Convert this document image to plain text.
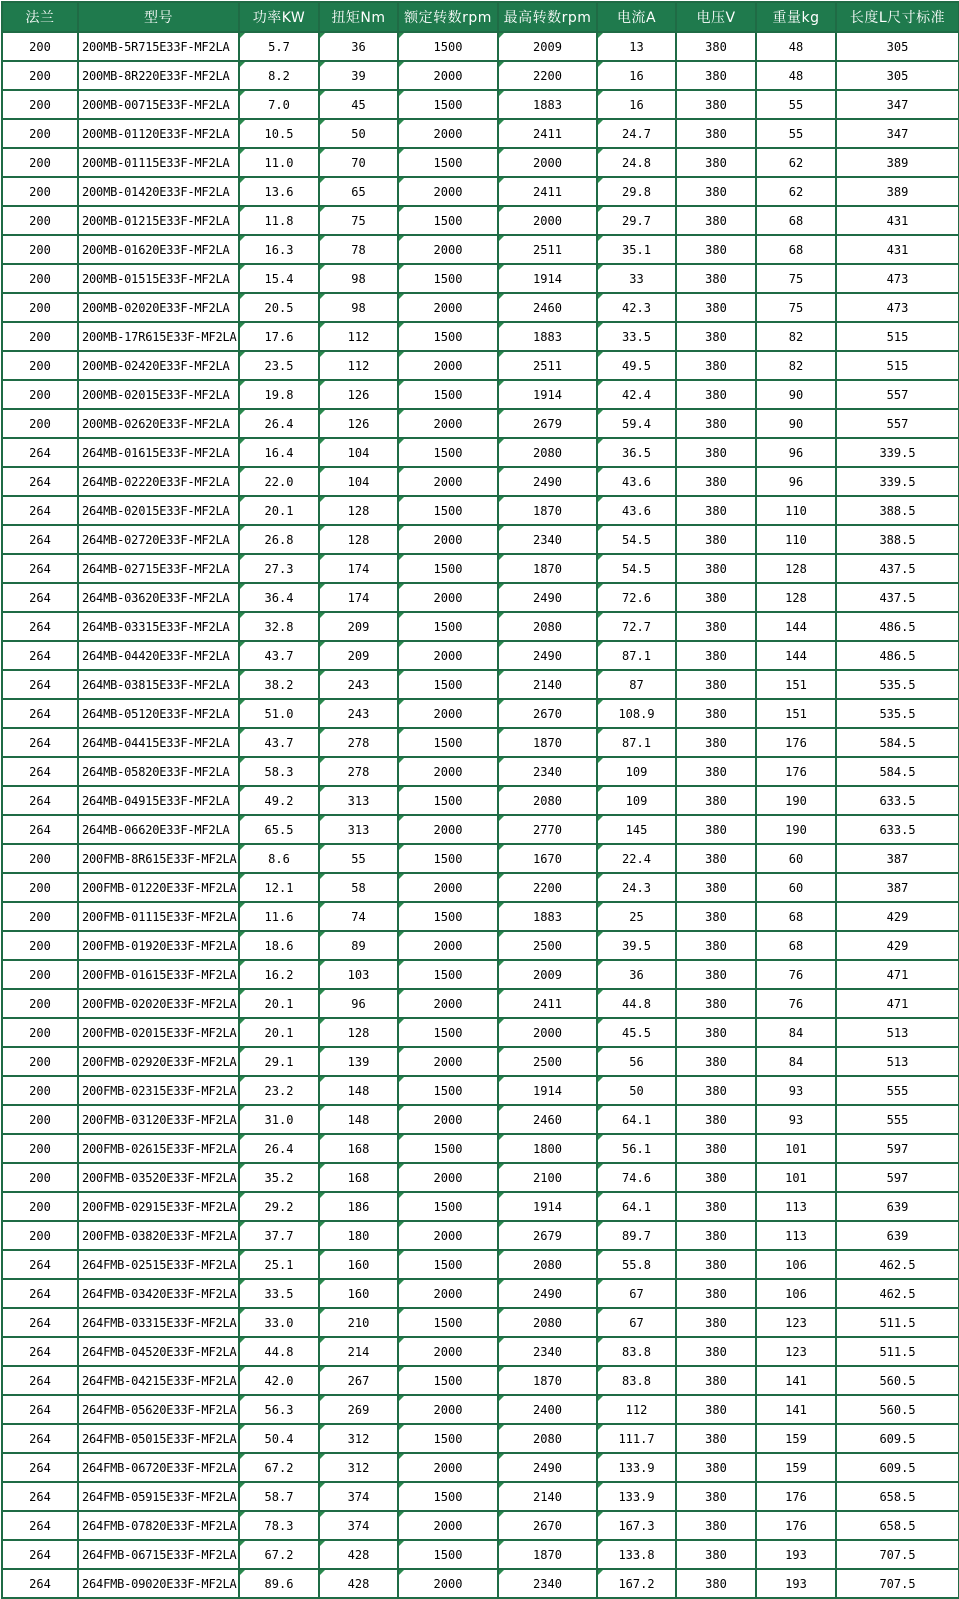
法兰	型号	功率KW	扭矩Nm	额定转数rpm	最高转数rpm	电流A	电压V	重量kg	长度L尺寸标准
200	200MB-5R715E33F-MF2LA	5.7	36	1500	2009	13	380	48	305
200	200MB-8R220E33F-MF2LA	8.2	39	2000	2200	16	380	48	305
200	200MB-00715E33F-MF2LA	7.0	45	1500	1883	16	380	55	347
200	200MB-01120E33F-MF2LA	10.5	50	2000	2411	24.7	380	55	347
200	200MB-01115E33F-MF2LA	11.0	70	1500	2000	24.8	380	62	389
200	200MB-01420E33F-MF2LA	13.6	65	2000	2411	29.8	380	62	389
200	200MB-01215E33F-MF2LA	11.8	75	1500	2000	29.7	380	68	431
200	200MB-01620E33F-MF2LA	16.3	78	2000	2511	35.1	380	68	431
200	200MB-01515E33F-MF2LA	15.4	98	1500	1914	33	380	75	473
200	200MB-02020E33F-MF2LA	20.5	98	2000	2460	42.3	380	75	473
200	200MB-17R615E33F-MF2LA	17.6	112	1500	1883	33.5	380	82	515
200	200MB-02420E33F-MF2LA	23.5	112	2000	2511	49.5	380	82	515
200	200MB-02015E33F-MF2LA	19.8	126	1500	1914	42.4	380	90	557
200	200MB-02620E33F-MF2LA	26.4	126	2000	2679	59.4	380	90	557
264	264MB-01615E33F-MF2LA	16.4	104	1500	2080	36.5	380	96	339.5
264	264MB-02220E33F-MF2LA	22.0	104	2000	2490	43.6	380	96	339.5
264	264MB-02015E33F-MF2LA	20.1	128	1500	1870	43.6	380	110	388.5
264	264MB-02720E33F-MF2LA	26.8	128	2000	2340	54.5	380	110	388.5
264	264MB-02715E33F-MF2LA	27.3	174	1500	1870	54.5	380	128	437.5
264	264MB-03620E33F-MF2LA	36.4	174	2000	2490	72.6	380	128	437.5
264	264MB-03315E33F-MF2LA	32.8	209	1500	2080	72.7	380	144	486.5
264	264MB-04420E33F-MF2LA	43.7	209	2000	2490	87.1	380	144	486.5
264	264MB-03815E33F-MF2LA	38.2	243	1500	2140	87	380	151	535.5
264	264MB-05120E33F-MF2LA	51.0	243	2000	2670	108.9	380	151	535.5
264	264MB-04415E33F-MF2LA	43.7	278	1500	1870	87.1	380	176	584.5
264	264MB-05820E33F-MF2LA	58.3	278	2000	2340	109	380	176	584.5
264	264MB-04915E33F-MF2LA	49.2	313	1500	2080	109	380	190	633.5
264	264MB-06620E33F-MF2LA	65.5	313	2000	2770	145	380	190	633.5
200	200FMB-8R615E33F-MF2LA	8.6	55	1500	1670	22.4	380	60	387
200	200FMB-01220E33F-MF2LA	12.1	58	2000	2200	24.3	380	60	387
200	200FMB-01115E33F-MF2LA	11.6	74	1500	1883	25	380	68	429
200	200FMB-01920E33F-MF2LA	18.6	89	2000	2500	39.5	380	68	429
200	200FMB-01615E33F-MF2LA	16.2	103	1500	2009	36	380	76	471
200	200FMB-02020E33F-MF2LA	20.1	96	2000	2411	44.8	380	76	471
200	200FMB-02015E33F-MF2LA	20.1	128	1500	2000	45.5	380	84	513
200	200FMB-02920E33F-MF2LA	29.1	139	2000	2500	56	380	84	513
200	200FMB-02315E33F-MF2LA	23.2	148	1500	1914	50	380	93	555
200	200FMB-03120E33F-MF2LA	31.0	148	2000	2460	64.1	380	93	555
200	200FMB-02615E33F-MF2LA	26.4	168	1500	1800	56.1	380	101	597
200	200FMB-03520E33F-MF2LA	35.2	168	2000	2100	74.6	380	101	597
200	200FMB-02915E33F-MF2LA	29.2	186	1500	1914	64.1	380	113	639
200	200FMB-03820E33F-MF2LA	37.7	180	2000	2679	89.7	380	113	639
264	264FMB-02515E33F-MF2LA	25.1	160	1500	2080	55.8	380	106	462.5
264	264FMB-03420E33F-MF2LA	33.5	160	2000	2490	67	380	106	462.5
264	264FMB-03315E33F-MF2LA	33.0	210	1500	2080	67	380	123	511.5
264	264FMB-04520E33F-MF2LA	44.8	214	2000	2340	83.8	380	123	511.5
264	264FMB-04215E33F-MF2LA	42.0	267	1500	1870	83.8	380	141	560.5
264	264FMB-05620E33F-MF2LA	56.3	269	2000	2400	112	380	141	560.5
264	264FMB-05015E33F-MF2LA	50.4	312	1500	2080	111.7	380	159	609.5
264	264FMB-06720E33F-MF2LA	67.2	312	2000	2490	133.9	380	159	609.5
264	264FMB-05915E33F-MF2LA	58.7	374	1500	2140	133.9	380	176	658.5
264	264FMB-07820E33F-MF2LA	78.3	374	2000	2670	167.3	380	176	658.5
264	264FMB-06715E33F-MF2LA	67.2	428	1500	1870	133.8	380	193	707.5
264	264FMB-09020E33F-MF2LA	89.6	428	2000	2340	167.2	380	193	707.5
